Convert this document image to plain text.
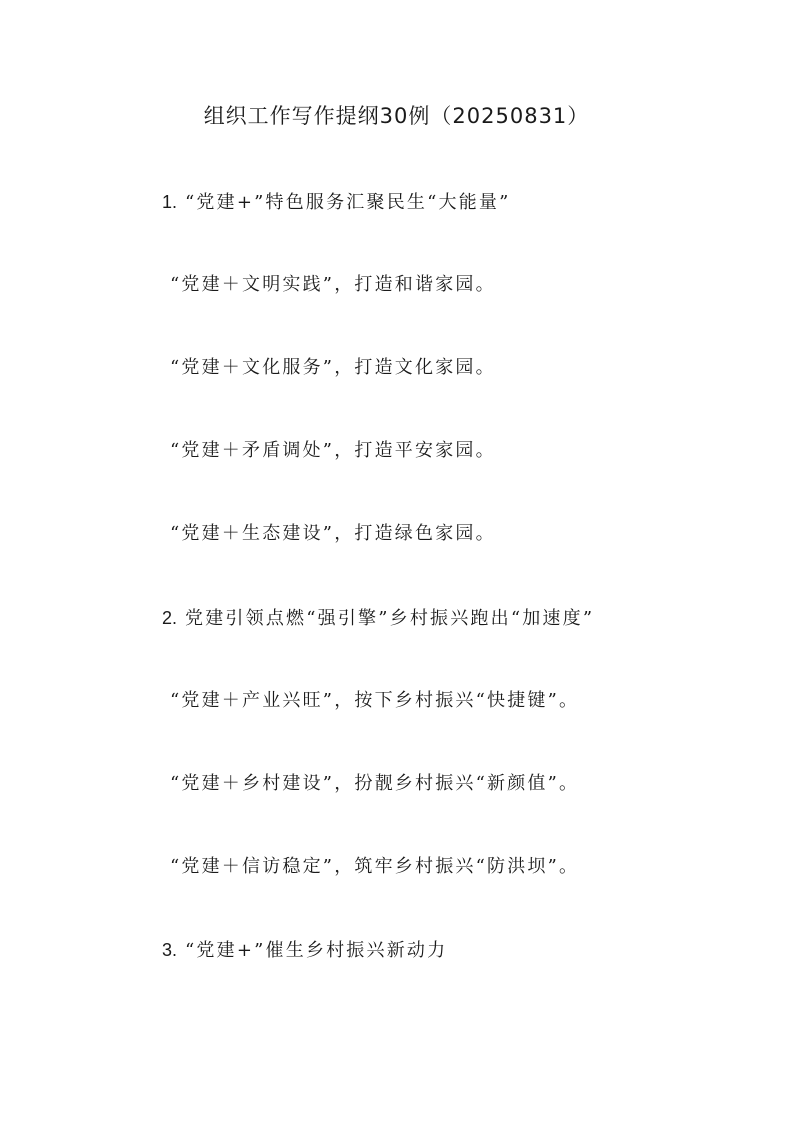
组织工作写作提纲30例（20250831）
1. “党建+”特色服务汇聚民生“大能量”
“党建＋文明实践”，打造和谐家园。
“党建＋文化服务”，打造文化家园。
“党建＋矛盾调处”，打造平安家园。
“党建＋生态建设”，打造绿色家园。
2. 党建引领点燃“强引擎”乡村振兴跑出“加速度”
“党建＋产业兴旺”，按下乡村振兴“快捷键”。
“党建＋乡村建设”，扮靓乡村振兴“新颜值”。
“党建＋信访稳定”，筑牢乡村振兴“防洪坝”。
3. “党建+”催生乡村振兴新动力
